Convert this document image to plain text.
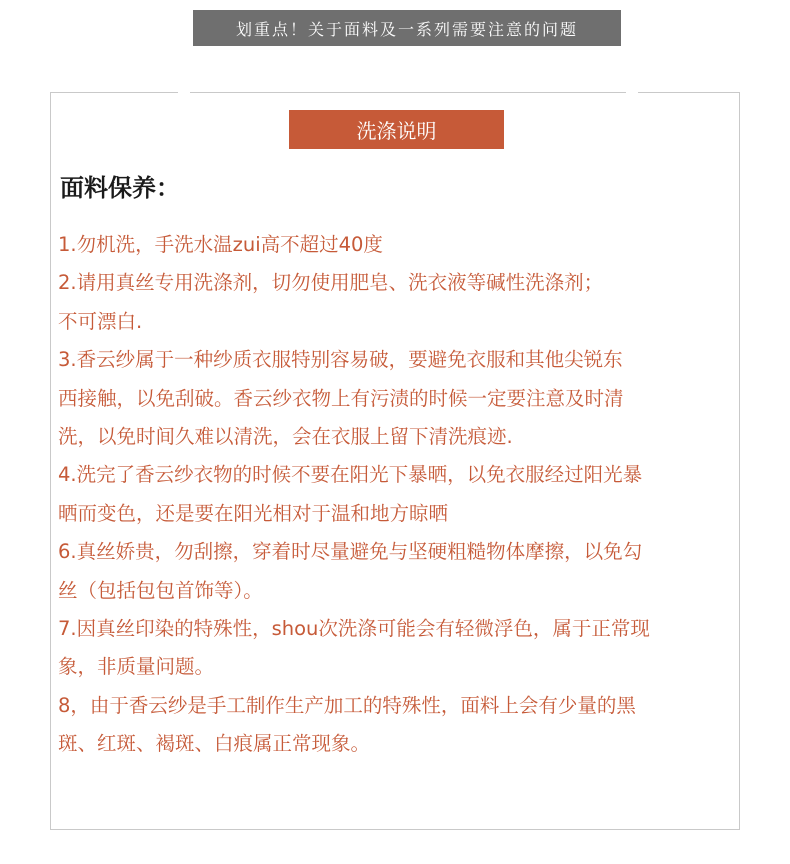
划重点！关于面料及一系列需要注意的问题
洗涤说明
面料保养：
1.勿机洗，手洗水温zui高不超过40度
2.请用真丝专用洗涤剂，切勿使用肥皂、洗衣液等碱性洗涤剂；
不可漂白.
3.香云纱属于一种纱质衣服特别容易破，要避免衣服和其他尖锐东
西接触，以免刮破。香云纱衣物上有污渍的时候一定要注意及时清
洗，以免时间久难以清洗，会在衣服上留下清洗痕迹.
4.洗完了香云纱衣物的时候不要在阳光下暴晒，以免衣服经过阳光暴
晒而变色，还是要在阳光相对于温和地方晾晒
6.真丝娇贵，勿刮擦，穿着时尽量避免与坚硬粗糙物体摩擦，以免勾
丝（包括包包首饰等）。
7.因真丝印染的特殊性，shou次洗涤可能会有轻微浮色，属于正常现
象，非质量问题。
8，由于香云纱是手工制作生产加工的特殊性，面料上会有少量的黑
斑、红斑、褐斑、白痕属正常现象。
